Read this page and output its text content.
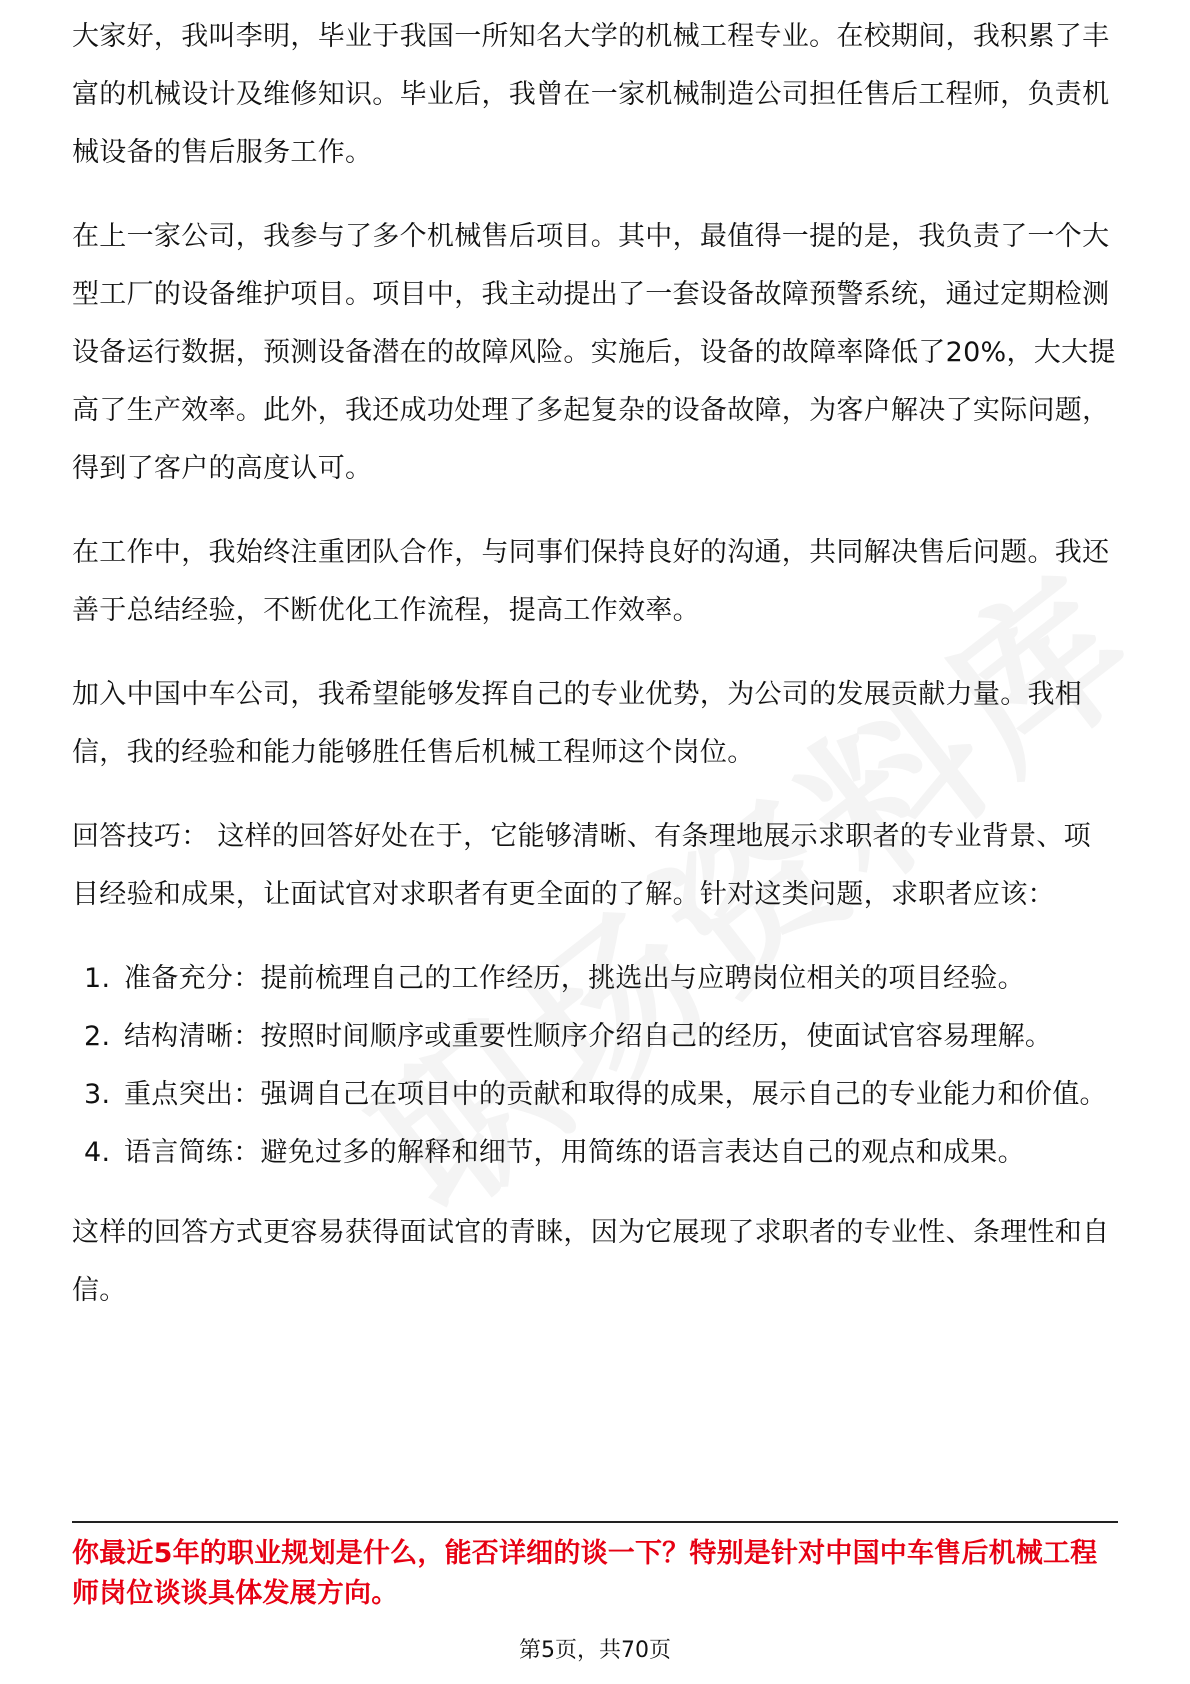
大家好，我叫李明，毕业于我国一所知名大学的机械工程专业。在校期间，我积累了丰富的机械设计及维修知识。毕业后，我曾在一家机械制造公司担任售后工程师，负责机械设备的售后服务工作。

在上一家公司，我参与了多个机械售后项目。其中，最值得一提的是，我负责了一个大型工厂的设备维护项目。项目中，我主动提出了一套设备故障预警系统，通过定期检测设备运行数据，预测设备潜在的故障风险。实施后，设备的故障率降低了20%，大大提高了生产效率。此外，我还成功处理了多起复杂的设备故障，为客户解决了实际问题，得到了客户的高度认可。

在工作中，我始终注重团队合作，与同事们保持良好的沟通，共同解决售后问题。我还善于总结经验，不断优化工作流程，提高工作效率。

加入中国中车公司，我希望能够发挥自己的专业优势，为公司的发展贡献力量。我相信，我的经验和能力能够胜任售后机械工程师这个岗位。

回答技巧： 这样的回答好处在于，它能够清晰、有条理地展示求职者的专业背景、项目经验和成果，让面试官对求职者有更全面的了解。针对这类问题，求职者应该：

1. 准备充分：提前梳理自己的工作经历，挑选出与应聘岗位相关的项目经验。
2. 结构清晰：按照时间顺序或重要性顺序介绍自己的经历，使面试官容易理解。
3. 重点突出：强调自己在项目中的贡献和取得的成果，展示自己的专业能力和价值。
4. 语言简练：避免过多的解释和细节，用简练的语言表达自己的观点和成果。

这样的回答方式更容易获得面试官的青睐，因为它展现了求职者的专业性、条理性和自信。

你最近5年的职业规划是什么，能否详细的谈一下？特别是针对中国中车售后机械工程师岗位谈谈具体发展方向。
第5页，共70页
